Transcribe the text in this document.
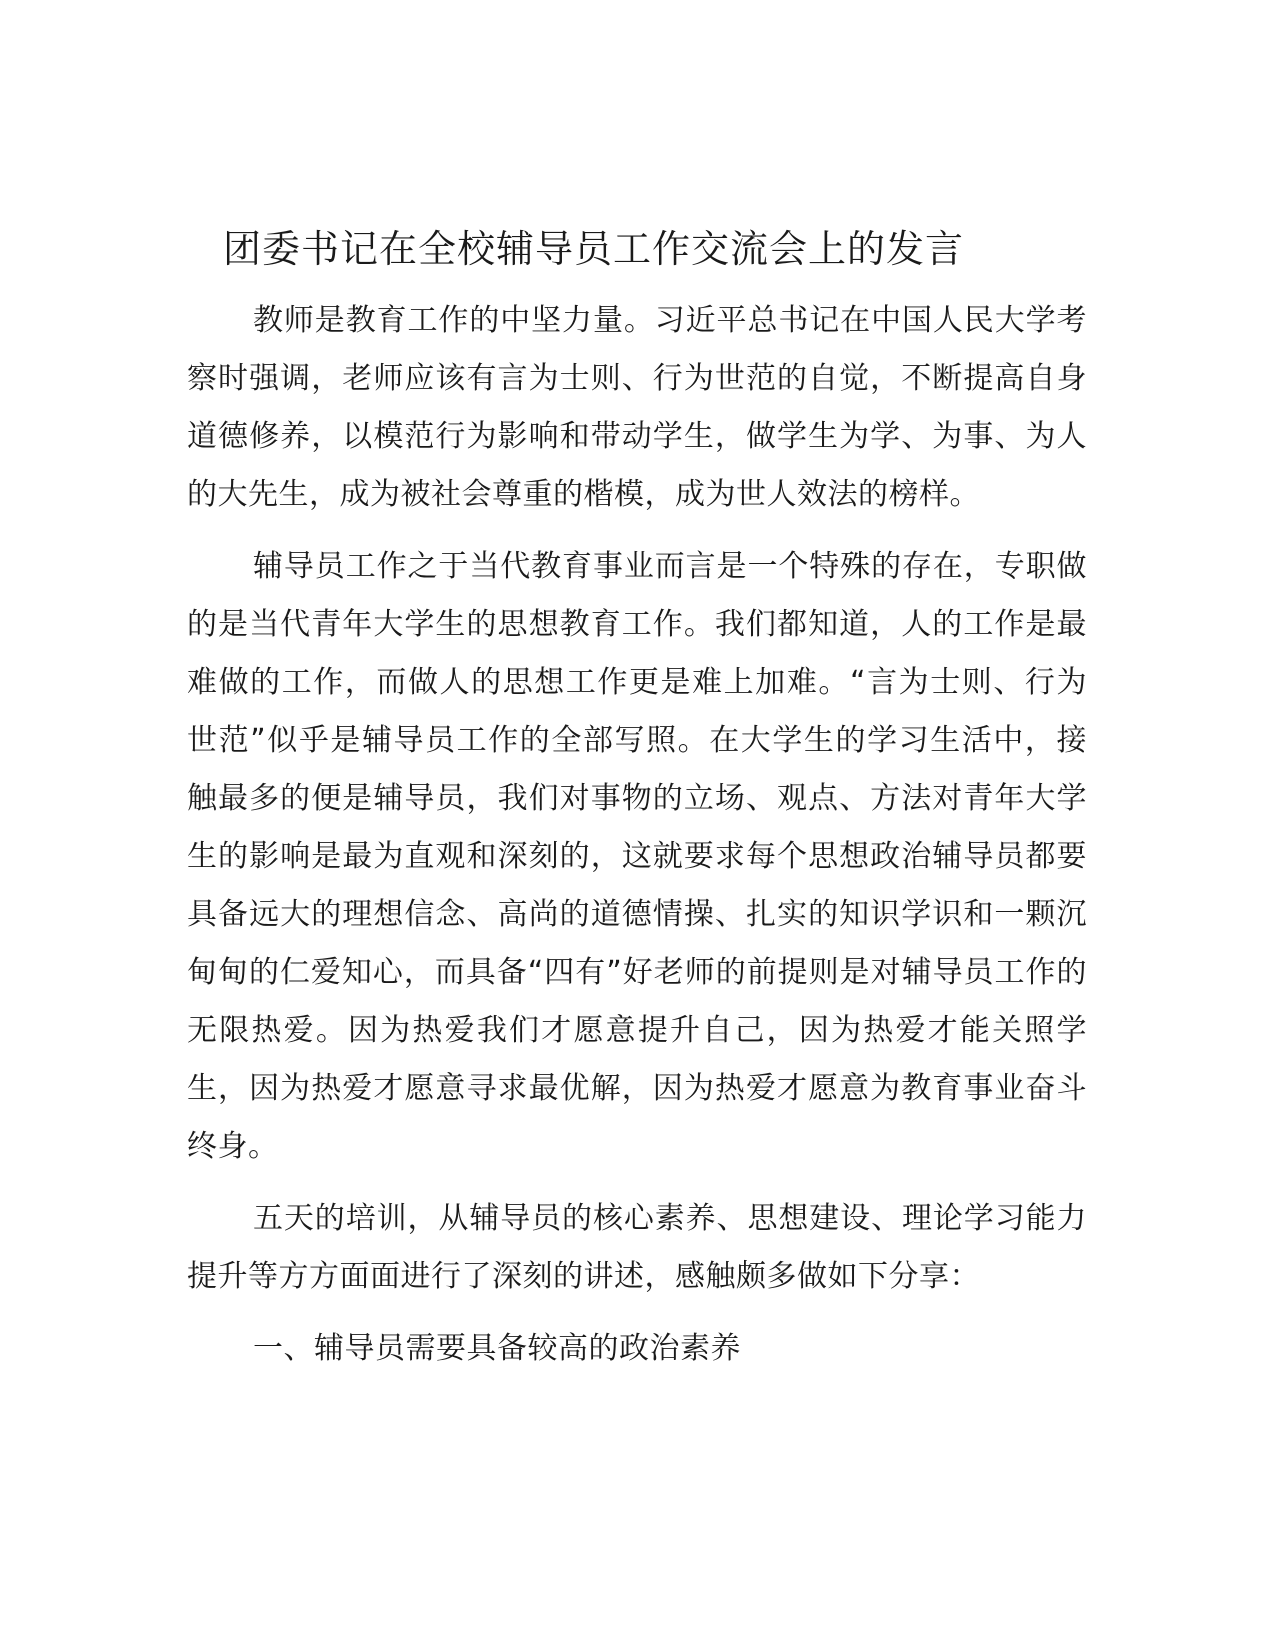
团委书记在全校辅导员工作交流会上的发言

教师是教育工作的中坚力量。习近平总书记在中国人民大学考察时强调，老师应该有言为士则、行为世范的自觉，不断提高自身道德修养，以模范行为影响和带动学生，做学生为学、为事、为人的大先生，成为被社会尊重的楷模，成为世人效法的榜样。

辅导员工作之于当代教育事业而言是一个特殊的存在，专职做的是当代青年大学生的思想教育工作。我们都知道，人的工作是最难做的工作，而做人的思想工作更是难上加难。“言为士则、行为世范”似乎是辅导员工作的全部写照。在大学生的学习生活中，接触最多的便是辅导员，我们对事物的立场、观点、方法对青年大学生的影响是最为直观和深刻的，这就要求每个思想政治辅导员都要具备远大的理想信念、高尚的道德情操、扎实的知识学识和一颗沉甸甸的仁爱知心，而具备“四有”好老师的前提则是对辅导员工作的无限热爱。因为热爱我们才愿意提升自己，因为热爱才能关照学生，因为热爱才愿意寻求最优解，因为热爱才愿意为教育事业奋斗终身。

五天的培训，从辅导员的核心素养、思想建设、理论学习能力提升等方方面面进行了深刻的讲述，感触颇多做如下分享：

一、辅导员需要具备较高的政治素养
